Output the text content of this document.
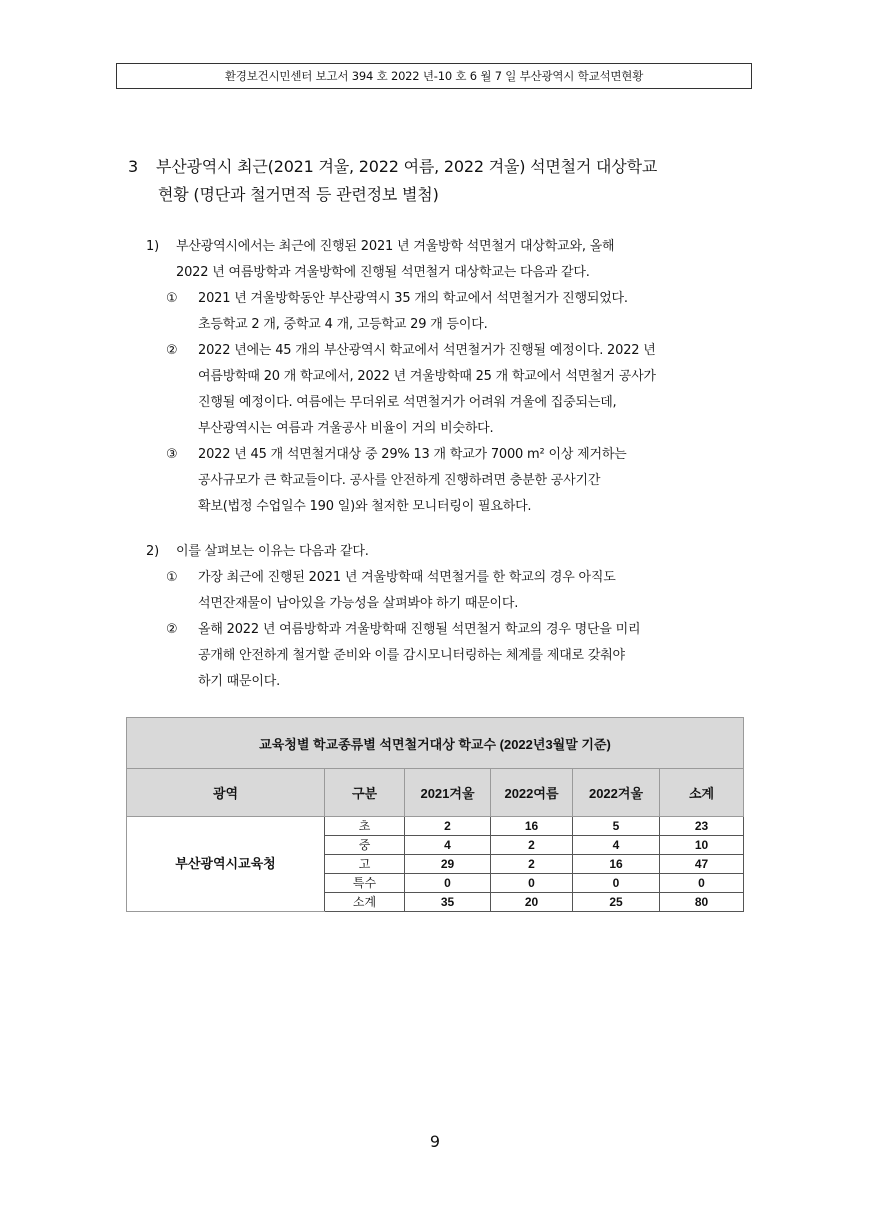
환경보건시민센터 보고서 394 호 2022 년-10 호 6 월 7 일 부산광역시 학교석면현황
3 부산광역시 최근(2021 겨울, 2022 여름, 2022 겨울) 석면철거 대상학교
현황 (명단과 철거면적 등 관련정보 별첨)
1) 부산광역시에서는 최근에 진행된 2021 년 겨울방학 석면철거 대상학교와, 올해
2022 년 여름방학과 겨울방학에 진행될 석면철거 대상학교는 다음과 같다.
① 2021 년 겨울방학동안 부산광역시 35 개의 학교에서 석면철거가 진행되었다.
초등학교 2 개, 중학교 4 개, 고등학교 29 개 등이다.
② 2022 년에는 45 개의 부산광역시 학교에서 석면철거가 진행될 예정이다. 2022 년
여름방학때 20 개 학교에서, 2022 년 겨울방학때 25 개 학교에서 석면철거 공사가
진행될 예정이다. 여름에는 무더위로 석면철거가 어려워 겨울에 집중되는데,
부산광역시는 여름과 겨울공사 비율이 거의 비슷하다.
③ 2022 년 45 개 석면철거대상 중 29% 13 개 학교가 7000 m² 이상 제거하는
공사규모가 큰 학교들이다. 공사를 안전하게 진행하려면 충분한 공사기간
확보(법정 수업일수 190 일)와 철저한 모니터링이 필요하다.
2) 이를 살펴보는 이유는 다음과 같다.
① 가장 최근에 진행된 2021 년 겨울방학때 석면철거를 한 학교의 경우 아직도
석면잔재물이 남아있을 가능성을 살펴봐야 하기 때문이다.
② 올해 2022 년 여름방학과 겨울방학때 진행될 석면철거 학교의 경우 명단을 미리
공개해 안전하게 철거할 준비와 이를 감시모니터링하는 체계를 제대로 갖춰야
하기 때문이다.
교육청별 학교종류별 석면철거대상 학교수 (2022년3월말 기준)					
광역	구분	2021겨울	2022여름	2022겨울	소계
부산광역시교육청	초	2	16	5	23
	중	4	2	4	10
	고	29	2	16	47
	특수	0	0	0	0
	소계	35	20	25	80
9
